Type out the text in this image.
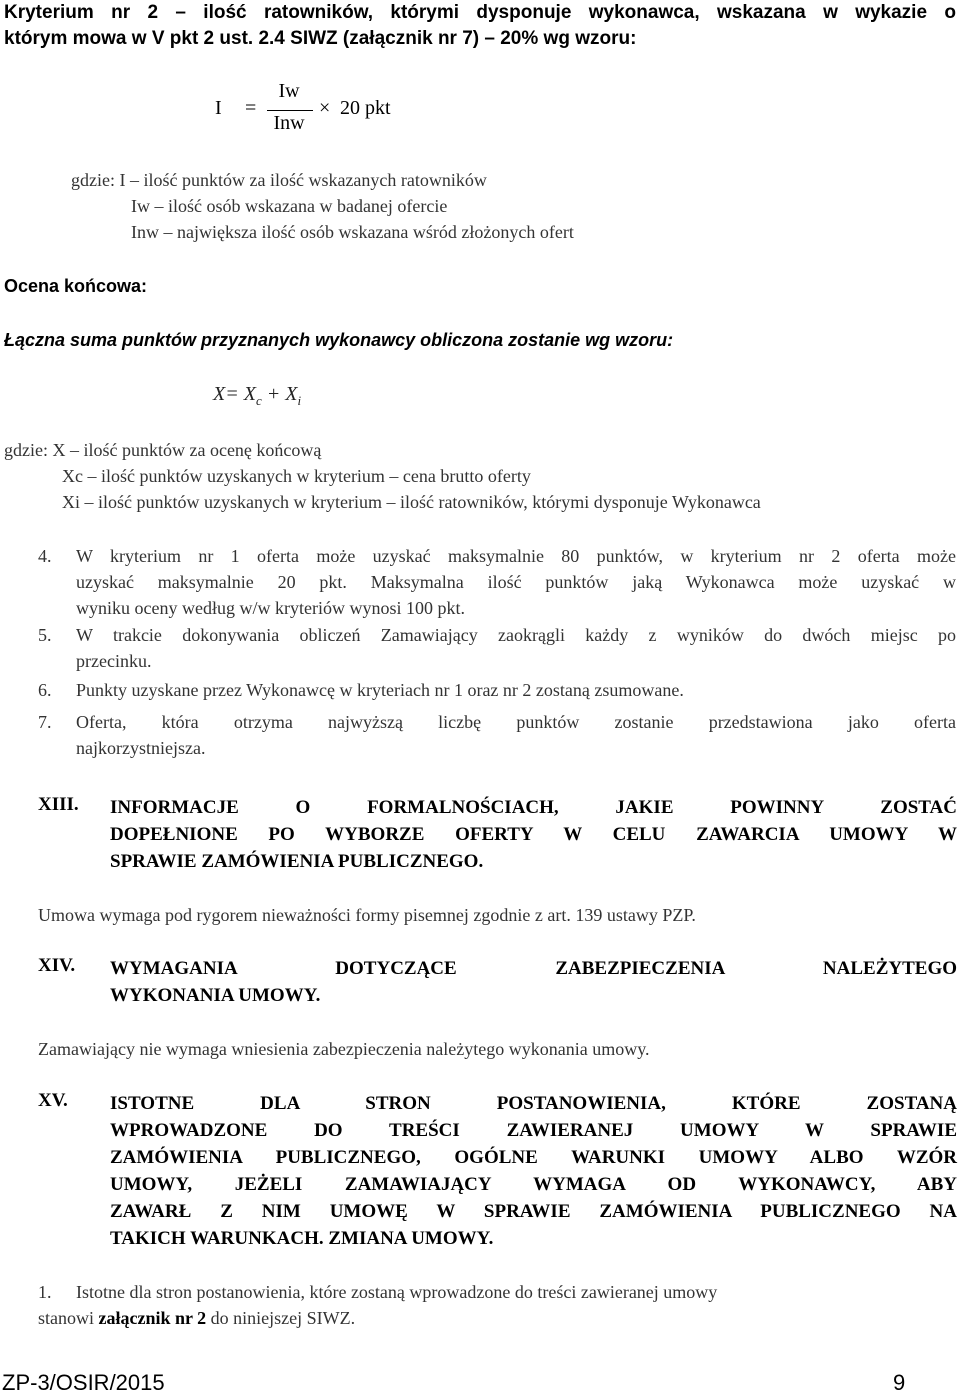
Kryterium nr 2 – ilość ratowników, którymi dysponuje wykonawca, wskazana w wykazie o
którym mowa w V pkt 2 ust. 2.4 SIWZ (załącznik nr 7) – 20% wg wzoru:
I =
Iw
Inw
× 20 pkt
gdzie: I – ilość punktów za ilość wskazanych ratowników
Iw – ilość osób wskazana w badanej ofercie
Inw – największa ilość osób wskazana wśród złożonych ofert
Ocena końcowa:
Łączna suma punktów przyznanych wykonawcy obliczona zostanie wg wzoru:
$X= X_c + X_i$
gdzie: X – ilość punktów za ocenę końcową
Xc – ilość punktów uzyskanych w kryterium – cena brutto oferty
Xi – ilość punktów uzyskanych w kryterium – ilość ratowników, którymi dysponuje Wykonawca
4. W kryterium nr 1 oferta może uzyskać maksymalnie 80 punktów, w kryterium nr 2 oferta może
uzyskać maksymalnie 20 pkt. Maksymalna ilość punktów jaką Wykonawca może uzyskać w
wyniku oceny według w/w kryteriów wynosi 100 pkt.
5. W trakcie dokonywania obliczeń Zamawiający zaokrągli każdy z wyników do dwóch miejsc po
przecinku.
6. Punkty uzyskane przez Wykonawcę w kryteriach nr 1 oraz nr 2 zostaną zsumowane.
7. Oferta, która otrzyma najwyższą liczbę punktów zostanie przedstawiona jako oferta
najkorzystniejsza.
XIII. INFORMACJE O FORMALNOŚCIACH, JAKIE POWINNY ZOSTAĆ
DOPEŁNIONE PO WYBORZE OFERTY W CELU ZAWARCIA UMOWY W
SPRAWIE ZAMÓWIENIA PUBLICZNEGO.
Umowa wymaga pod rygorem nieważności formy pisemnej zgodnie z art. 139 ustawy PZP.
XIV. WYMAGANIA DOTYCZĄCE ZABEZPIECZENIA NALEŻYTEGO
WYKONANIA UMOWY.
Zamawiający nie wymaga wniesienia zabezpieczenia należytego wykonania umowy.
XV. ISTOTNE DLA STRON POSTANOWIENIA, KTÓRE ZOSTANĄ
WPROWADZONE DO TREŚCI ZAWIERANEJ UMOWY W SPRAWIE
ZAMÓWIENIA PUBLICZNEGO, OGÓLNE WARUNKI UMOWY ALBO WZÓR
UMOWY, JEŻELI ZAMAWIAJĄCY WYMAGA OD WYKONAWCY, ABY
ZAWARŁ Z NIM UMOWĘ W SPRAWIE ZAMÓWIENIA PUBLICZNEGO NA
TAKICH WARUNKACH. ZMIANA UMOWY.
1. Istotne dla stron postanowienia, które zostaną wprowadzone do treści zawieranej umowy
stanowi załącznik nr 2 do niniejszej SIWZ.
ZP-3/OSIR/2015	9
